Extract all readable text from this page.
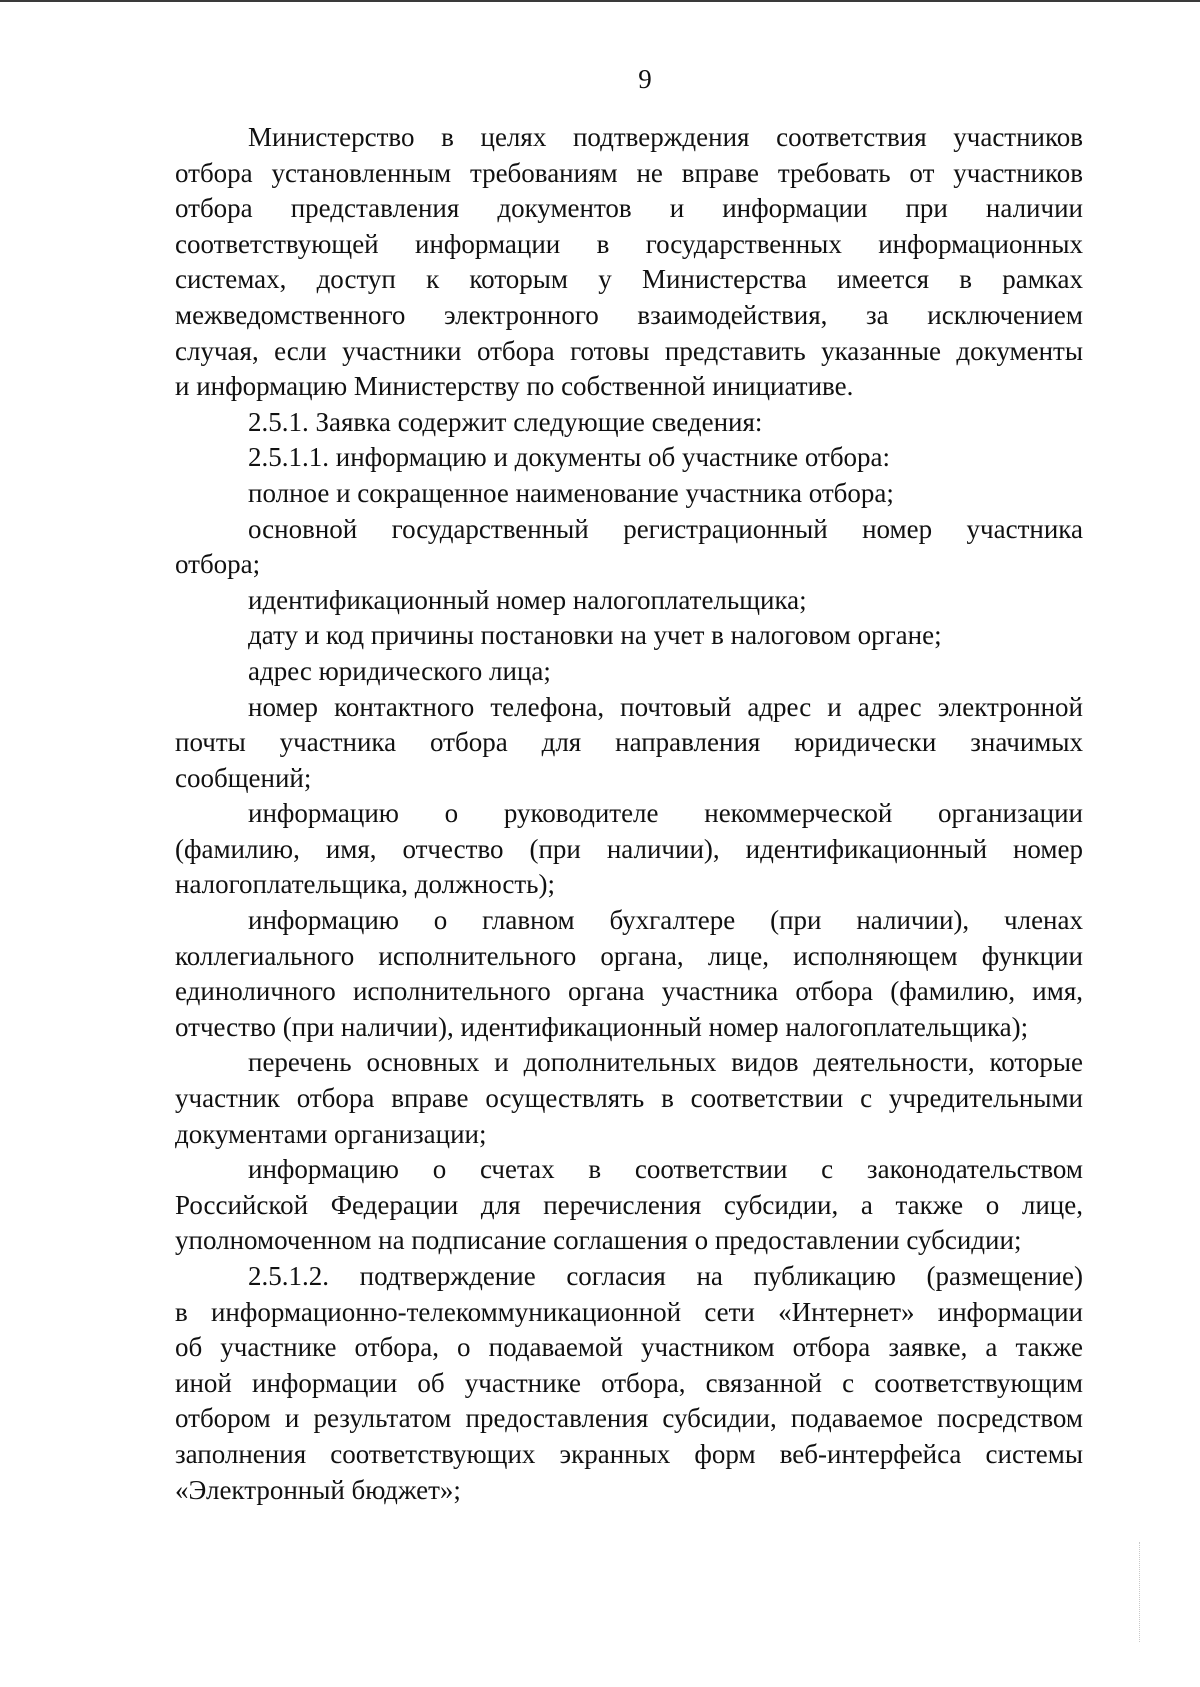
9
Министерство в целях подтверждения соответствия участников
отбора установленным требованиям не вправе требовать от участников
отбора представления документов и информации при наличии
соответствующей информации в государственных информационных
системах, доступ к которым у Министерства имеется в рамках
межведомственного электронного взаимодействия, за исключением
случая, если участники отбора готовы представить указанные документы
и информацию Министерству по собственной инициативе.
2.5.1. Заявка содержит следующие сведения:
2.5.1.1. информацию и документы об участнике отбора:
полное и сокращенное наименование участника отбора;
основной государственный регистрационный номер участника
отбора;
идентификационный номер налогоплательщика;
дату и код причины постановки на учет в налоговом органе;
адрес юридического лица;
номер контактного телефона, почтовый адрес и адрес электронной
почты участника отбора для направления юридически значимых
сообщений;
информацию о руководителе некоммерческой организации
(фамилию, имя, отчество (при наличии), идентификационный номер
налогоплательщика, должность);
информацию о главном бухгалтере (при наличии), членах
коллегиального исполнительного органа, лице, исполняющем функции
единоличного исполнительного органа участника отбора (фамилию, имя,
отчество (при наличии), идентификационный номер налогоплательщика);
перечень основных и дополнительных видов деятельности, которые
участник отбора вправе осуществлять в соответствии с учредительными
документами организации;
информацию о счетах в соответствии с законодательством
Российской Федерации для перечисления субсидии, а также о лице,
уполномоченном на подписание соглашения о предоставлении субсидии;
2.5.1.2. подтверждение согласия на публикацию (размещение)
в информационно-телекоммуникационной сети «Интернет» информации
об участнике отбора, о подаваемой участником отбора заявке, а также
иной информации об участнике отбора, связанной с соответствующим
отбором и результатом предоставления субсидии, подаваемое посредством
заполнения соответствующих экранных форм веб-интерфейса системы
«Электронный бюджет»;
